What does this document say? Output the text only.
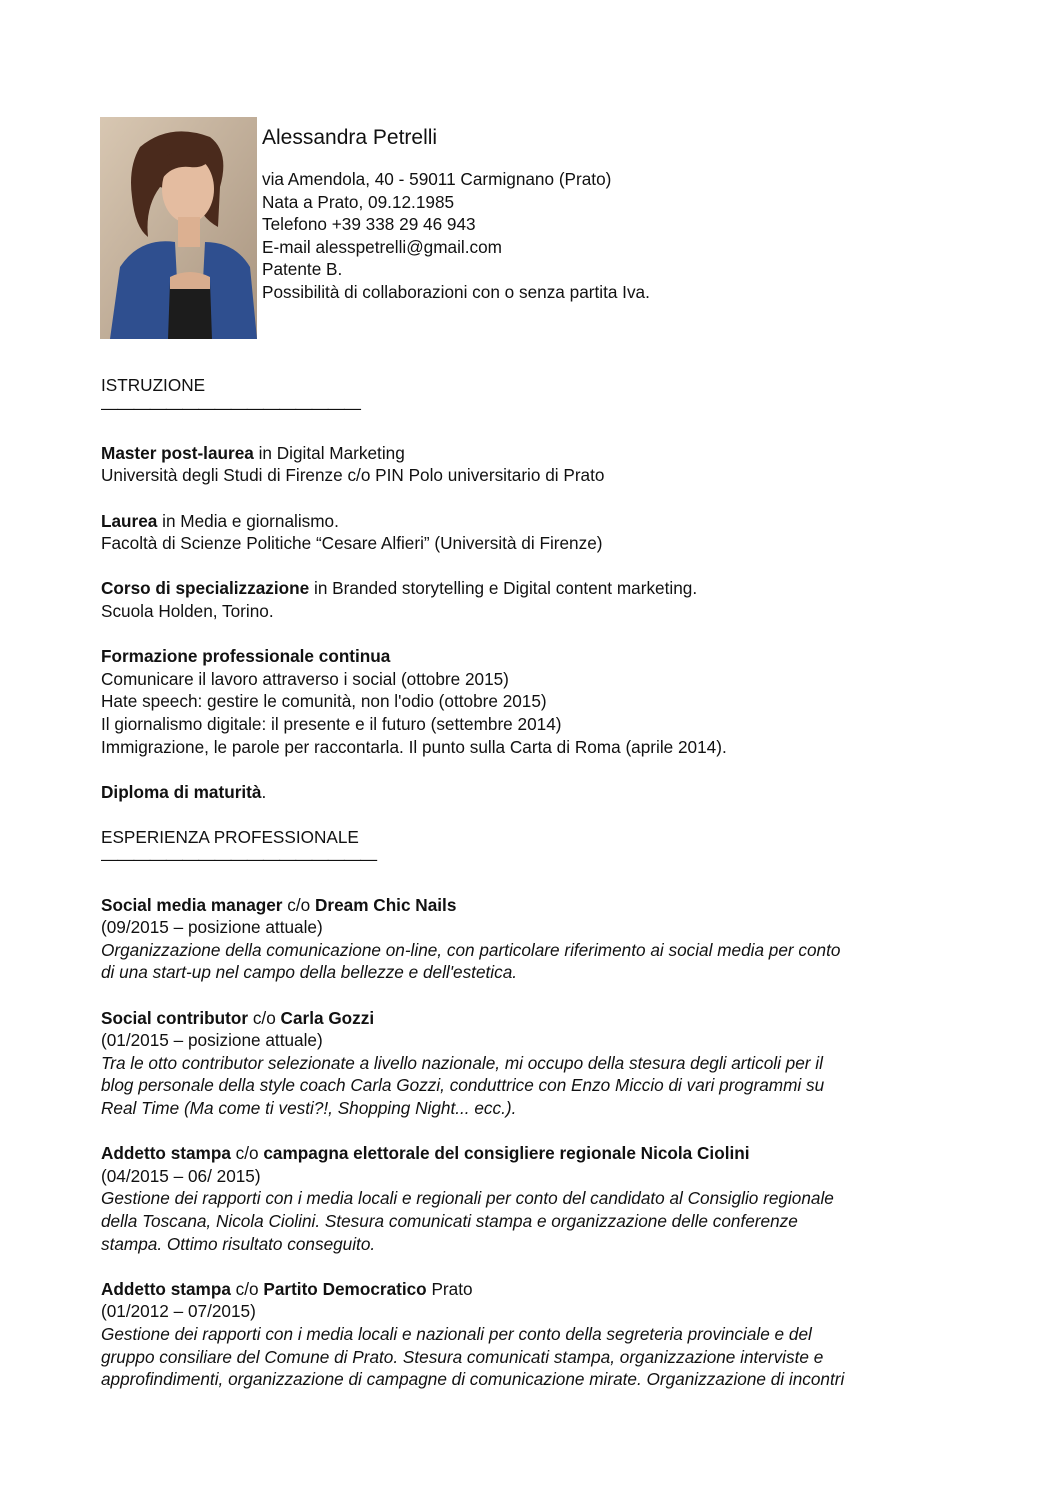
Alessandra Petrelli
via Amendola, 40 - 59011 Carmignano (Prato)
Nata a Prato, 09.12.1985
Telefono +39 338 29 46 943
E-mail alesspetrelli@gmail.com
Patente B.
Possibilità di collaborazioni con o senza partita Iva.
ISTRUZIONE
————————————————
Master post-laurea in Digital Marketing
Università degli Studi di Firenze c/o PIN Polo universitario di Prato
Laurea in Media e giornalismo.
Facoltà di Scienze Politiche “Cesare Alfieri” (Università di Firenze)
Corso di specializzazione in Branded storytelling e Digital content marketing.
Scuola Holden, Torino.
Formazione professionale continua
Comunicare il lavoro attraverso i social (ottobre 2015)
Hate speech: gestire le comunità, non l'odio (ottobre 2015)
Il giornalismo digitale: il presente e il futuro (settembre 2014)
Immigrazione, le parole per raccontarla. Il punto sulla Carta di Roma (aprile 2014).
Diploma di maturità.
ESPERIENZA PROFESSIONALE
—————————————————
Social media manager c/o Dream Chic Nails
(09/2015 – posizione attuale)
Organizzazione della comunicazione on-line, con particolare riferimento ai social media per conto
di una start-up nel campo della bellezze e dell'estetica.
Social contributor c/o Carla Gozzi
(01/2015 – posizione attuale)
Tra le otto contributor selezionate a livello nazionale, mi occupo della stesura degli articoli per il
blog personale della style coach Carla Gozzi, conduttrice con Enzo Miccio di vari programmi su
Real Time (Ma come ti vesti?!, Shopping Night... ecc.).
Addetto stampa c/o campagna elettorale del consigliere regionale Nicola Ciolini
(04/2015 – 06/ 2015)
Gestione dei rapporti con i media locali e regionali per conto del candidato al Consiglio regionale
della Toscana, Nicola Ciolini. Stesura comunicati stampa e organizzazione delle conferenze
stampa. Ottimo risultato conseguito.
Addetto stampa c/o Partito Democratico Prato
(01/2012 – 07/2015)
Gestione dei rapporti con i media locali e nazionali per conto della segreteria provinciale e del
gruppo consiliare del Comune di Prato. Stesura comunicati stampa, organizzazione interviste e
approfindimenti, organizzazione di campagne di comunicazione mirate. Organizzazione di incontri
